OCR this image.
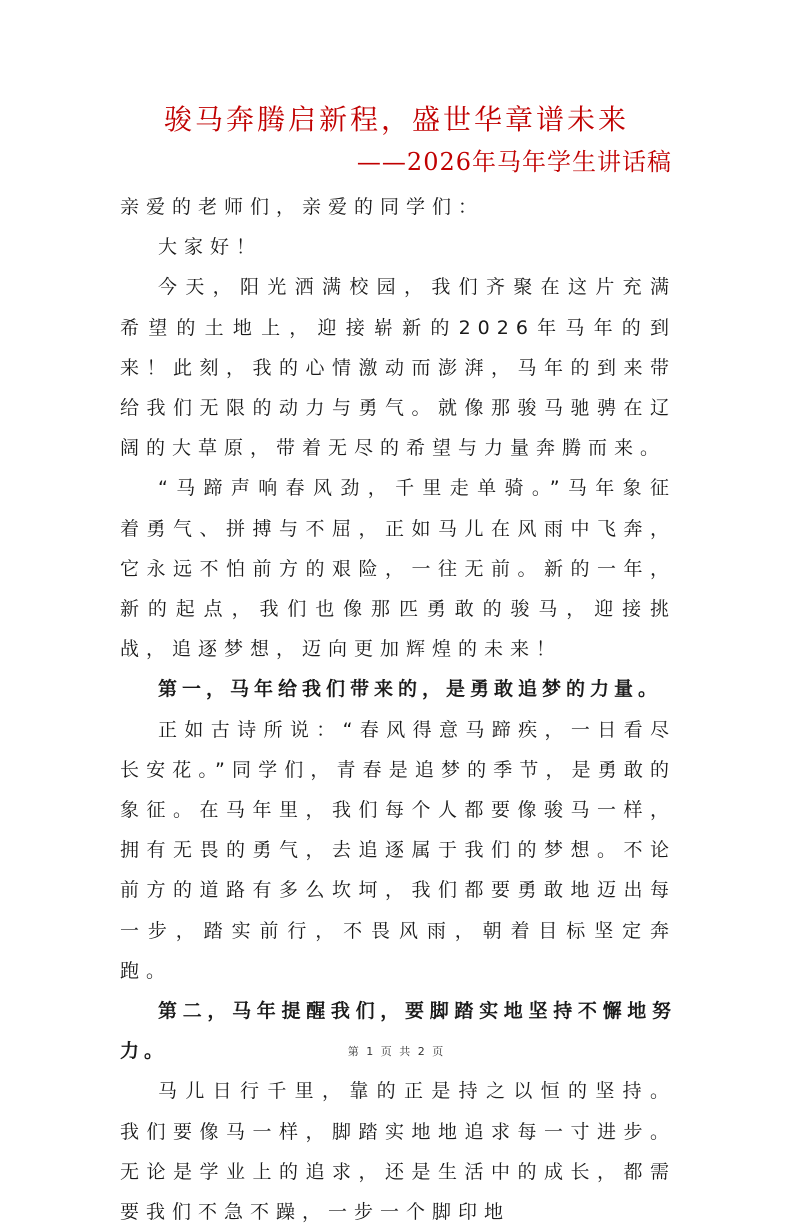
骏马奔腾启新程，盛世华章谱未来
——2026年马年学生讲话稿

亲爱的老师们，亲爱的同学们：

大家好！

今天，阳光洒满校园，我们齐聚在这片充满希望的土地上，迎接崭新的2026年马年的到来！此刻，我的心情激动而澎湃，马年的到来带给我们无限的动力与勇气。就像那骏马驰骋在辽阔的大草原，带着无尽的希望与力量奔腾而来。

“马蹄声响春风劲，千里走单骑。”马年象征着勇气、拼搏与不屈，正如马儿在风雨中飞奔，它永远不怕前方的艰险，一往无前。新的一年，新的起点，我们也像那匹勇敢的骏马，迎接挑战，追逐梦想，迈向更加辉煌的未来！

第一，马年给我们带来的，是勇敢追梦的力量。

正如古诗所说：“春风得意马蹄疾，一日看尽长安花。”同学们，青春是追梦的季节，是勇敢的象征。在马年里，我们每个人都要像骏马一样，拥有无畏的勇气，去追逐属于我们的梦想。不论前方的道路有多么坎坷，我们都要勇敢地迈出每一步，踏实前行，不畏风雨，朝着目标坚定奔跑。

第二，马年提醒我们，要脚踏实地坚持不懈地努力。

马儿日行千里，靠的正是持之以恒的坚持。我们要像马一样，脚踏实地地追求每一寸进步。无论是学业上的追求，还是生活中的成长，都需要我们不急不躁，一步一个脚印地

第 1 页 共 2 页
